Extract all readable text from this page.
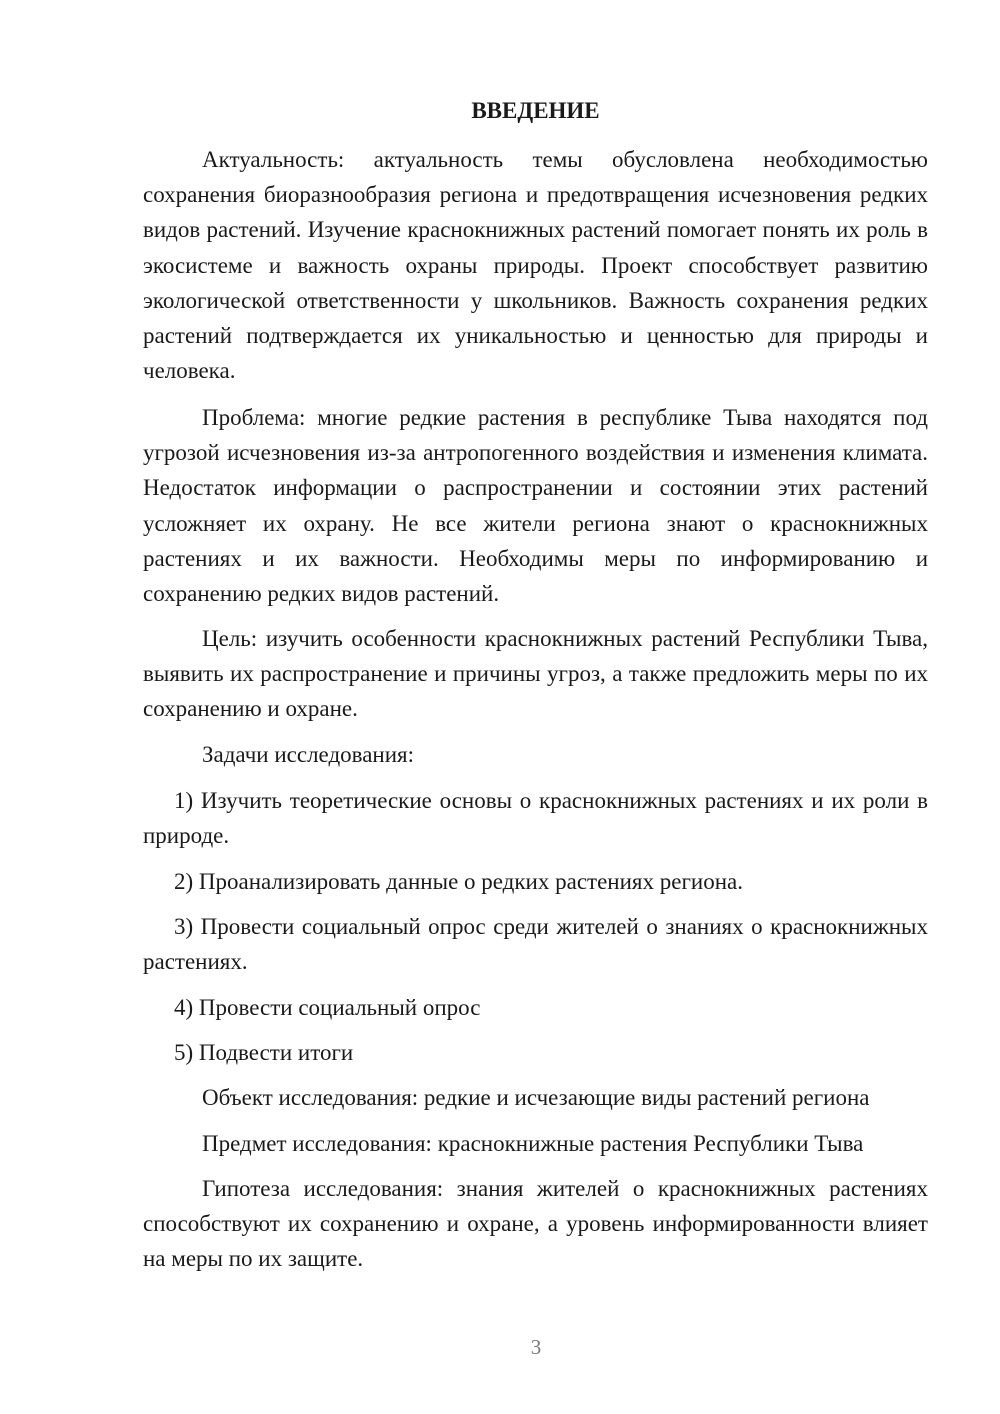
ВВЕДЕНИЕ

Актуальность: актуальность темы обусловлена необходимостью сохранения биоразнообразия региона и предотвращения исчезновения редких видов растений. Изучение краснокнижных растений помогает понять их роль в экосистеме и важность охраны природы. Проект способствует развитию экологической ответственности у школьников. Важность сохранения редких растений подтверждается их уникальностью и ценностью для природы и человека.

Проблема: многие редкие растения в республике Тыва находятся под угрозой исчезновения из-за антропогенного воздействия и изменения климата. Недостаток информации о распространении и состоянии этих растений усложняет их охрану. Не все жители региона знают о краснокнижных растениях и их важности. Необходимы меры по информированию и сохранению редких видов растений.

Цель: изучить особенности краснокнижных растений Республики Тыва, выявить их распространение и причины угроз, а также предложить меры по их сохранению и охране.

Задачи исследования:

1) Изучить теоретические основы о краснокнижных растениях и их роли в природе.

2) Проанализировать данные о редких растениях региона.

3) Провести социальный опрос среди жителей о знаниях о краснокнижных растениях.

4) Провести социальный опрос

5) Подвести итоги

Объект исследования: редкие и исчезающие виды растений региона

Предмет исследования: краснокнижные растения Республики Тыва

Гипотеза исследования: знания жителей о краснокнижных растениях способствуют их сохранению и охране, а уровень информированности влияет на меры по их защите.

3
